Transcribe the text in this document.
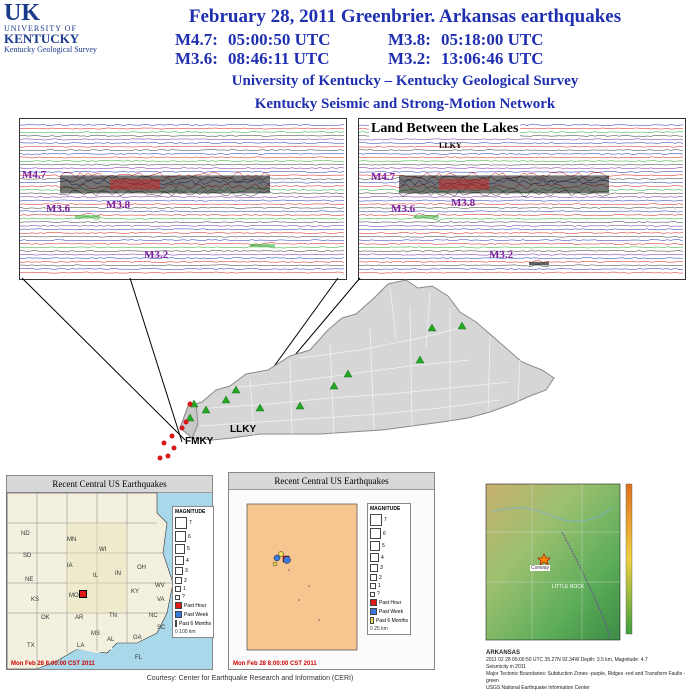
UK
UNIVERSITY OF
KENTUCKY
Kentucky Geological Survey
February 28, 2011 Greenbrier. Arkansas earthquakes
M4.7: 05:00:50 UTC	M3.8: 05:18:00 UTC
M3.6: 08:46:11 UTC	M3.2: 13:06:46 UTC
University of Kentucky – Kentucky Geological Survey
Kentucky Seismic and Strong-Motion Network
M4.7
M3.8
M3.6
M3.2
Land Between the Lakes
LLKY
M4.7
M3.8
M3.6
M3.2
LLKY
FMKY
Recent Central US Earthquakes
ND
MN
SD
WI
NE
IA
IL	IN
OH
KS
MO
KY
WV
VA
OK	AR	TN	NC
TX
MS
AL	GA
SC
LA
FL
MAGNITUDE
7
6
5
4
3
2
1
?
Past Hour
Past Week
Past 6 Months
0 100 km
Mon Feb 28 8:00:00 CST 2011
Recent Central US Earthquakes
MAGNITUDE
7
6
5
4
3
2
1
?
Past Hour
Past Week
Past 6 Months
0 25 km
Mon Feb 28 8:00:00 CST 2011
Conway
LITTLE ROCK
ARKANSAS
2011 02 28 05:00:50 UTC 35.27N 92.34W Depth: 3.5 km, Magnitude: 4.7
Seismicity in 2011
Major Tectonic Boundaries: Subduction Zones -purple, Ridges -red and Transform Faults -green
USGS National Earthquake Information Center
Courtesy: Center for Earthquake Research and Information (CERI)
